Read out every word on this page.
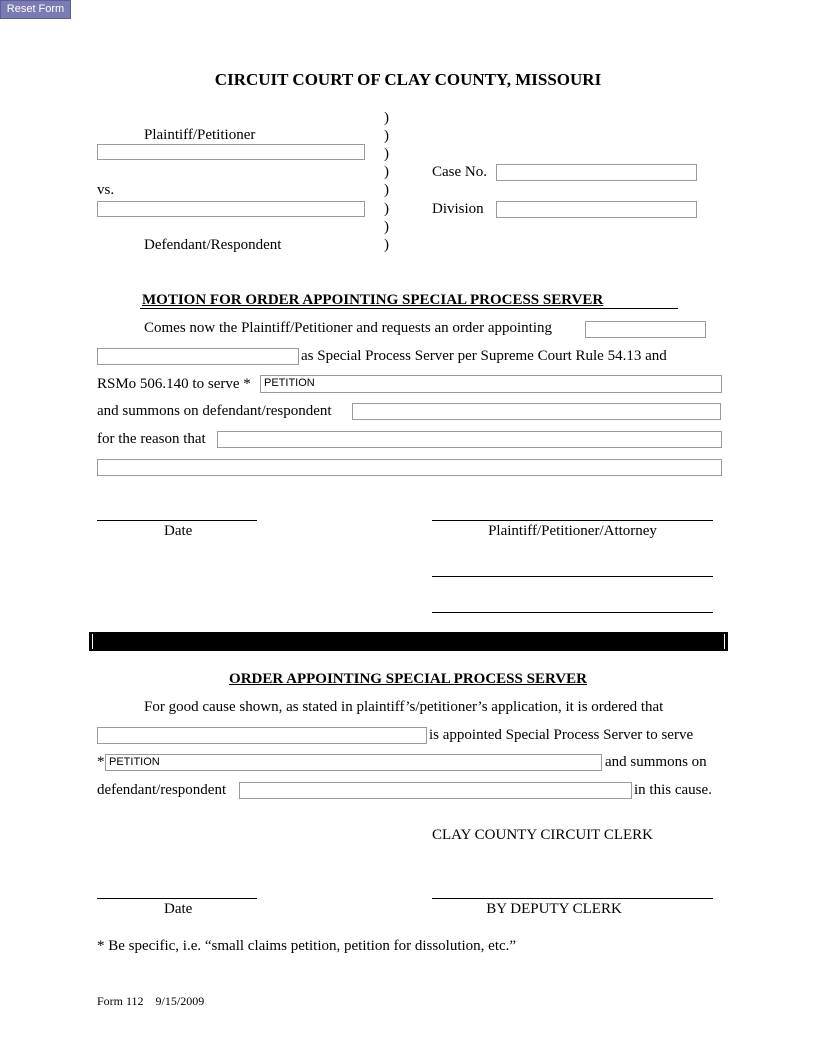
Reset Form
CIRCUIT COURT OF CLAY COUNTY, MISSOURI
)
)
)
)
)
)
)
)
Plaintiff/Petitioner
vs.
Defendant/Respondent
Case No.
Division
MOTION FOR ORDER APPOINTING SPECIAL PROCESS SERVER
Comes now the Plaintiff/Petitioner and requests an order appointing
as Special Process Server per Supreme Court Rule 54.13 and
RSMo 506.140 to serve *	PETITION
and summons on defendant/respondent
for the reason that
Date	Plaintiff/Petitioner/Attorney
ORDER APPOINTING SPECIAL PROCESS SERVER
For good cause shown, as stated in plaintiff’s/petitioner’s application, it is ordered that
is appointed Special Process Server to serve
* PETITION	and summons on
defendant/respondent	in this cause.
CLAY COUNTY CIRCUIT CLERK
Date	BY DEPUTY CLERK
* Be specific, i.e. “small claims petition, petition for dissolution, etc.”
Form 112    9/15/2009
